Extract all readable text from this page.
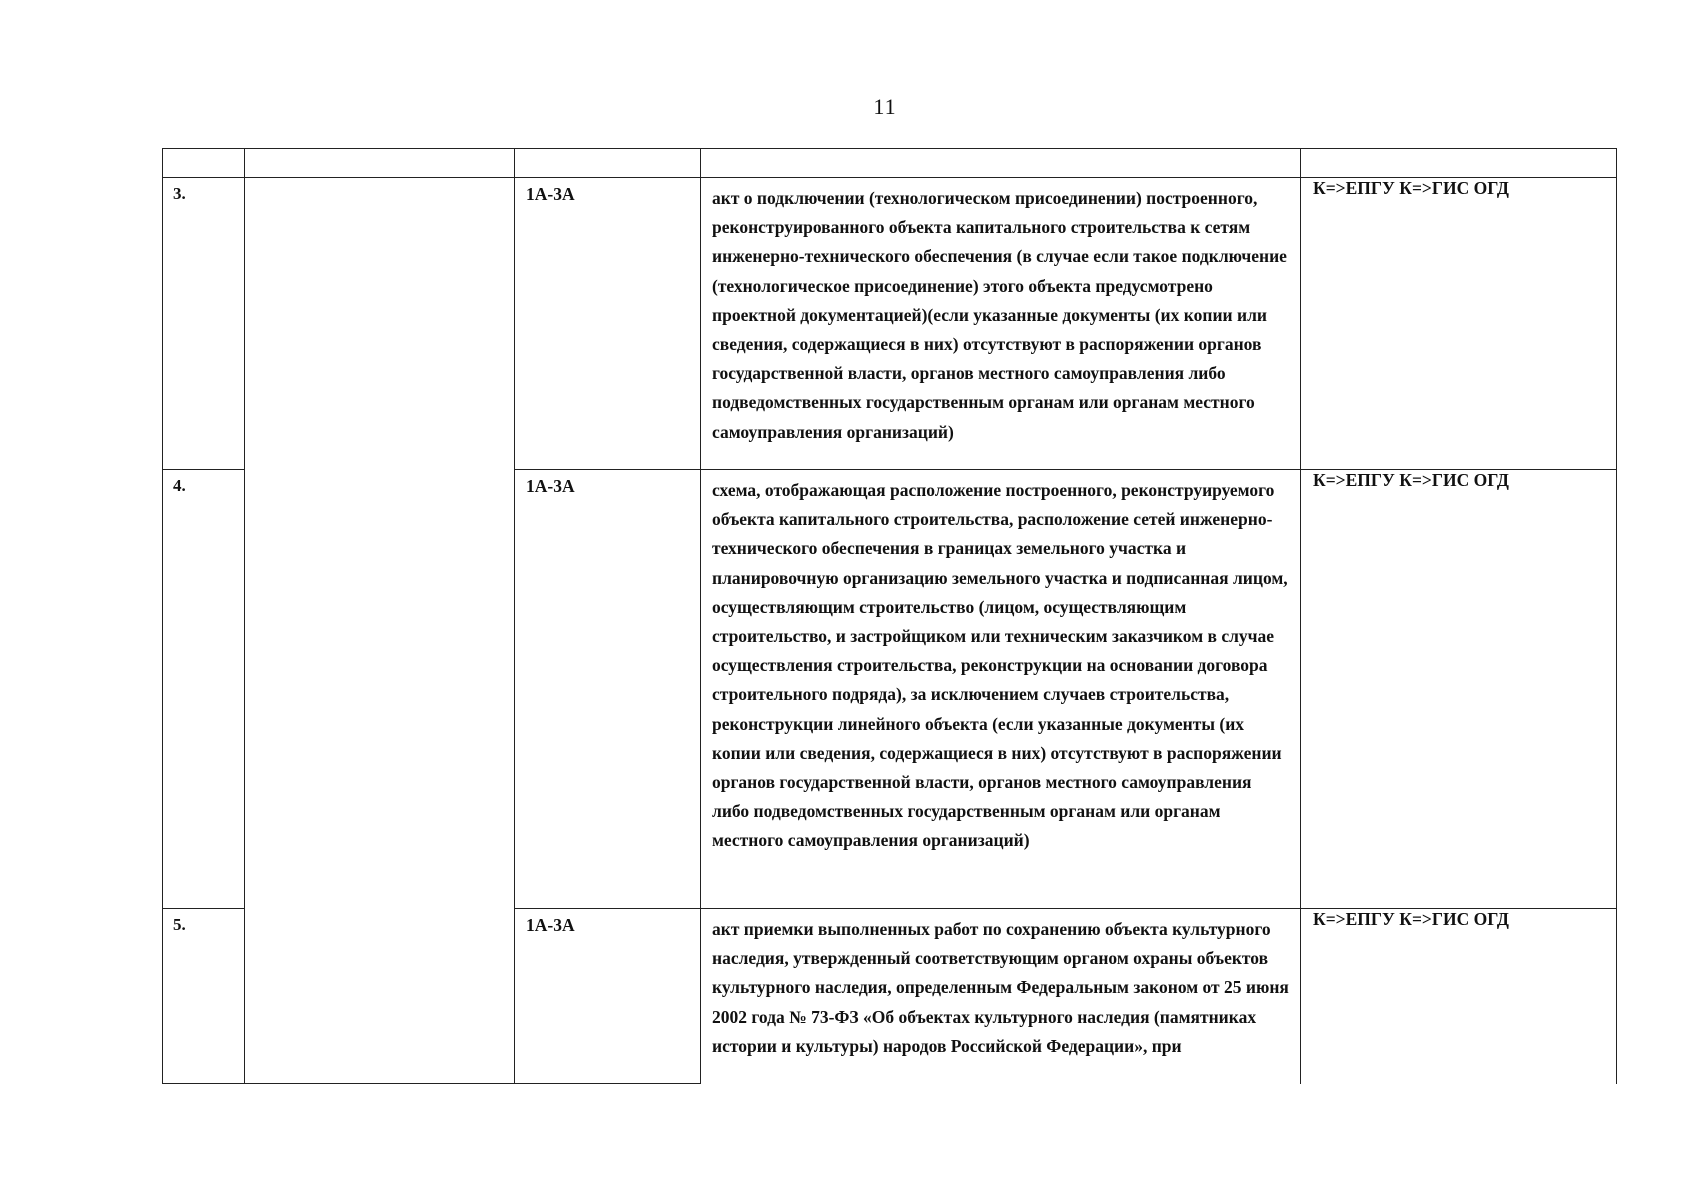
11

3.		1А-3А	акт о подключении (технологическом присоединении) построенного, реконструированного объекта капитального строительства к сетям инженерно-технического обеспечения (в случае если такое подключение (технологическое присоединение) этого объекта предусмотрено проектной документацией)(если указанные документы (их копии или сведения, содержащиеся в них) отсутствуют в распоряжении органов государственной власти, органов местного самоуправления либо подведомственных государственным органам или органам местного самоуправления организаций)	К=>ЕПГУ К=>ГИС ОГД

4.		1А-3А	схема, отображающая расположение построенного, реконструируемого объекта капитального строительства, расположение сетей инженерно-технического обеспечения в границах земельного участка и планировочную организацию земельного участка и подписанная лицом, осуществляющим строительство (лицом, осуществляющим строительство, и застройщиком или техническим заказчиком в случае осуществления строительства, реконструкции на основании договора строительного подряда), за исключением случаев строительства, реконструкции линейного объекта (если указанные документы (их копии или сведения, содержащиеся в них) отсутствуют в распоряжении органов государственной власти, органов местного самоуправления либо подведомственных государственным органам или органам местного самоуправления организаций)	К=>ЕПГУ К=>ГИС ОГД

5.		1А-3А	акт приемки выполненных работ по сохранению объекта культурного наследия, утвержденный соответствующим органом охраны объектов культурного наследия, определенным Федеральным законом от 25 июня 2002 года № 73-ФЗ «Об объектах культурного наследия (памятниках истории и культуры) народов Российской Федерации», при	К=>ЕПГУ К=>ГИС ОГД
